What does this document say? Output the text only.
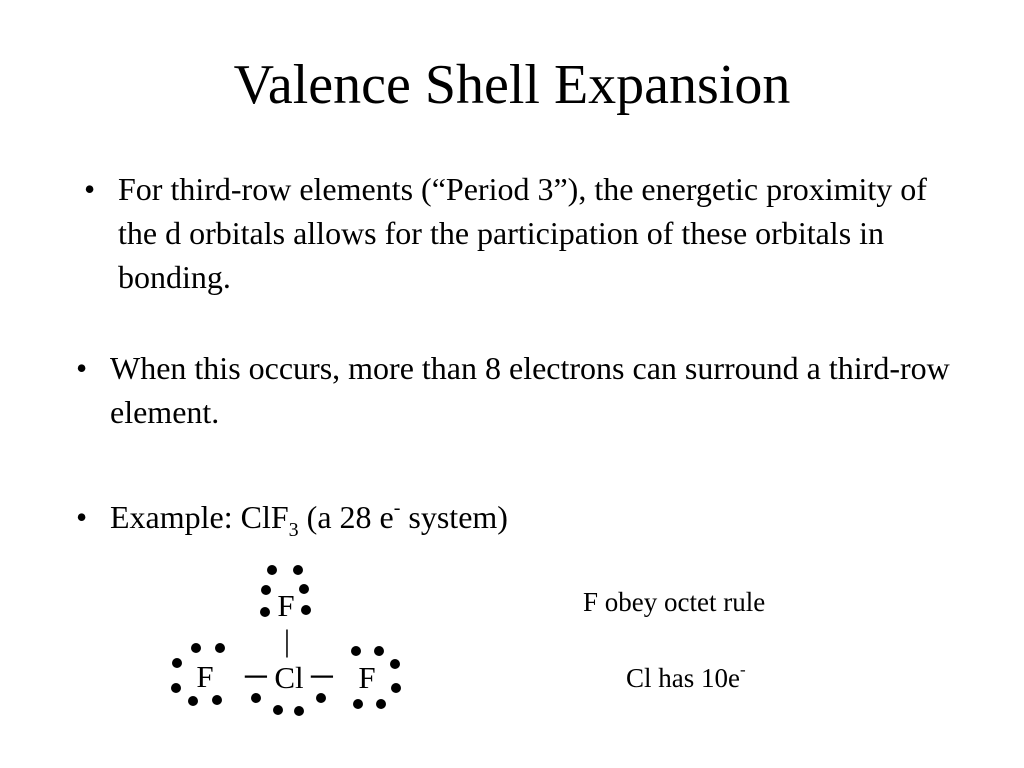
Valence Shell Expansion
• For third-row elements (“Period 3”), the energetic proximity of the d orbitals allows for the participation of these orbitals in bonding.
• When this occurs, more than 8 electrons can surround a third-row element.
• Example: ClF$_3$ (a 28 e- system)
F
F Cl F
|
─ ─
F obey octet rule
Cl has 10e-
